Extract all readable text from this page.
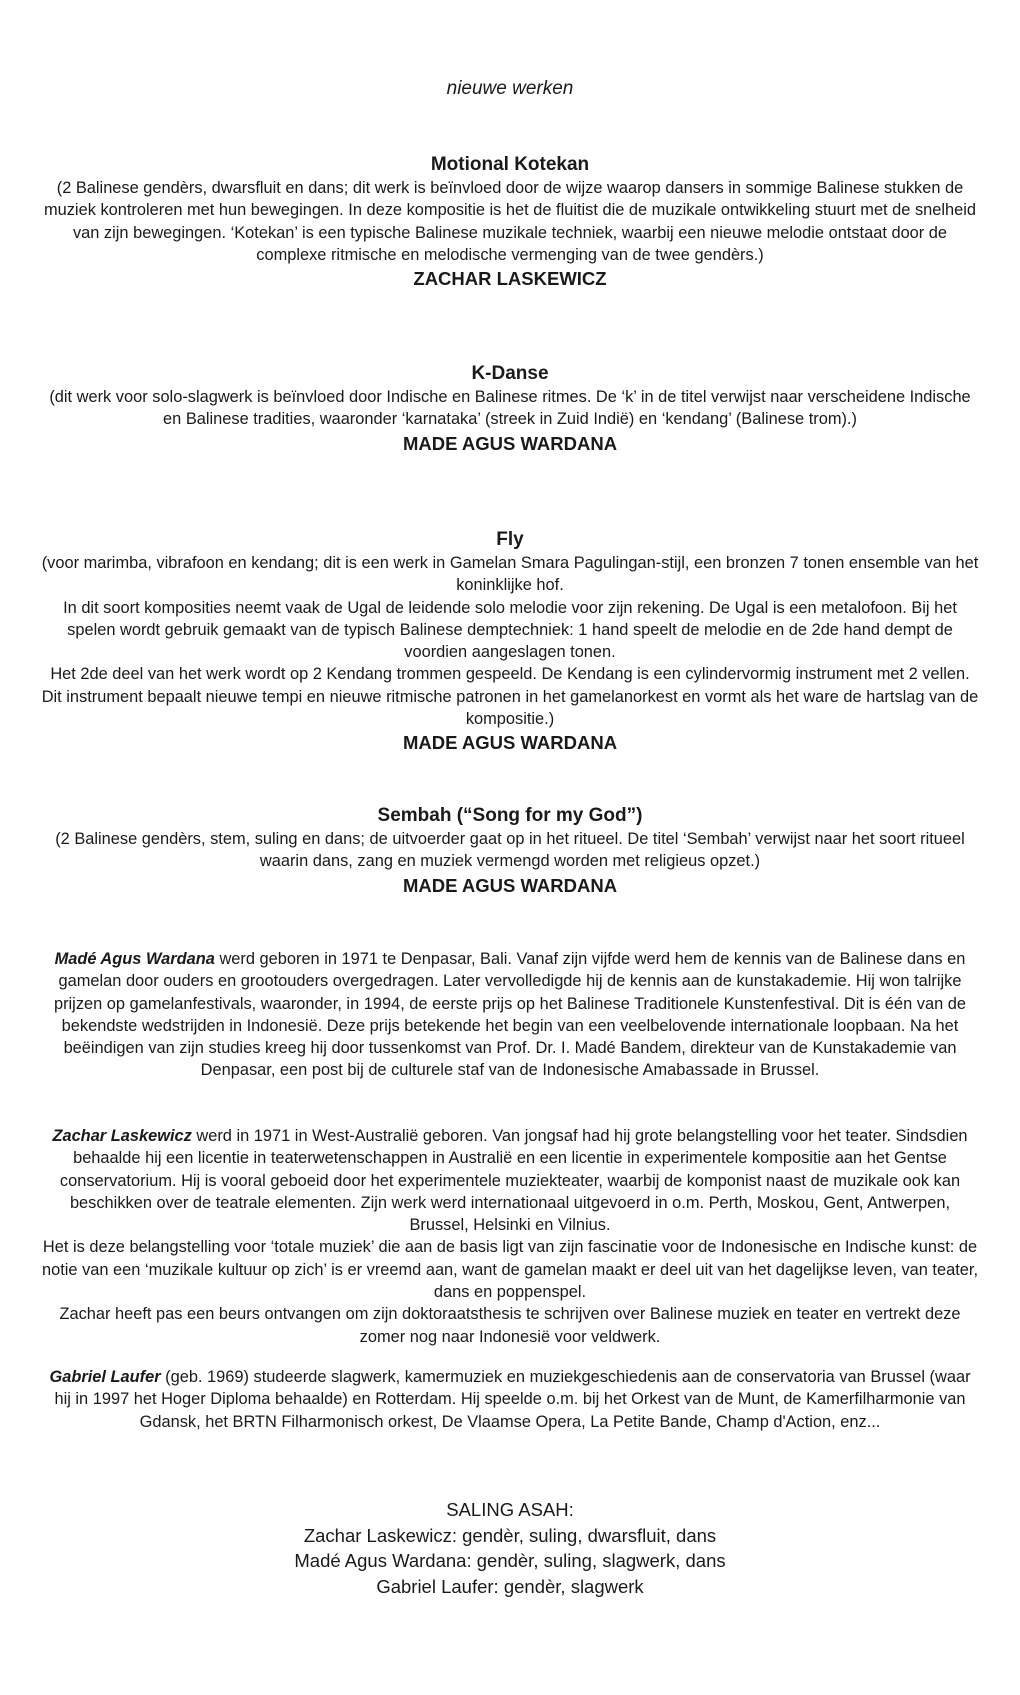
nieuwe werken
Motional Kotekan

(2 Balinese gendèrs, dwarsfluit en dans; dit werk is beïnvloed door de wijze waarop dansers in sommige Balinese stukken de muziek kontroleren met hun bewegingen. In deze kompositie is het de fluitist die de muzikale ontwikkeling stuurt met de snelheid van zijn bewegingen. ‘Kotekan’ is een typische Balinese muzikale techniek, waarbij een nieuwe melodie ontstaat door de complexe ritmische en melodische vermenging van de twee gendèrs.)

ZACHAR LASKEWICZ
K-Danse

(dit werk voor solo-slagwerk is beïnvloed door Indische en Balinese ritmes. De ‘k’ in de titel verwijst naar verscheidene Indische en Balinese tradities, waaronder ‘karnataka’ (streek in Zuid Indië) en ‘kendang’ (Balinese trom).)

MADE AGUS WARDANA
Fly

(voor marimba, vibrafoon en kendang; dit is een werk in Gamelan Smara Pagulingan-stijl, een bronzen 7 tonen ensemble van het koninklijke hof.

In dit soort komposities neemt vaak de Ugal de leidende solo melodie voor zijn rekening. De Ugal is een metalofoon. Bij het spelen wordt gebruik gemaakt van de typisch Balinese demptechniek: 1 hand speelt de melodie en de 2de hand dempt de voordien aangeslagen tonen.

Het 2de deel van het werk wordt op 2 Kendang trommen gespeeld. De Kendang is een cylindervormig instrument met 2 vellen. Dit instrument bepaalt nieuwe tempi en nieuwe ritmische patronen in het gamelanorkest en vormt als het ware de hartslag van de kompositie.)

MADE AGUS WARDANA
Sembah (“Song for my God”)

(2 Balinese gendèrs, stem, suling en dans; de uitvoerder gaat op in het ritueel. De titel ‘Sembah’ verwijst naar het soort ritueel waarin dans, zang en muziek vermengd worden met religieus opzet.)

MADE AGUS WARDANA

Madé Agus Wardana werd geboren in 1971 te Denpasar, Bali. Vanaf zijn vijfde werd hem de kennis van de Balinese dans en gamelan door ouders en grootouders overgedragen. Later vervolledigde hij de kennis aan de kunstakademie. Hij won talrijke prijzen op gamelanfestivals, waaronder, in 1994, de eerste prijs op het Balinese Traditionele Kunstenfestival. Dit is één van de bekendste wedstrijden in Indonesië. Deze prijs betekende het begin van een veelbelovende internationale loopbaan. Na het beëindigen van zijn studies kreeg hij door tussenkomst van Prof. Dr. I. Madé Bandem, direkteur van de Kunstakademie van Denpasar, een post bij de culturele staf van de Indonesische Amabassade in Brussel.

Zachar Laskewicz werd in 1971 in West-Australië geboren. Van jongsaf had hij grote belangstelling voor het teater. Sindsdien behaalde hij een licentie in teaterwetenschappen in Australië en een licentie in experimentele kompositie aan het Gentse conservatorium. Hij is vooral geboeid door het experimentele muziekteater, waarbij de komponist naast de muzikale ook kan beschikken over de teatrale elementen. Zijn werk werd internationaal uitgevoerd in o.m. Perth, Moskou, Gent, Antwerpen, Brussel, Helsinki en Vilnius.

Het is deze belangstelling voor ‘totale muziek’ die aan de basis ligt van zijn fascinatie voor de Indonesische en Indische kunst: de notie van een ‘muzikale kultuur op zich’ is er vreemd aan, want de gamelan maakt er deel uit van het dagelijkse leven, van teater, dans en poppenspel.

Zachar heeft pas een beurs ontvangen om zijn doktoraatsthesis te schrijven over Balinese muziek en teater en vertrekt deze zomer nog naar Indonesië voor veldwerk.

Gabriel Laufer (geb. 1969) studeerde slagwerk, kamermuziek en muziekgeschiedenis aan de conservatoria van Brussel (waar hij in 1997 het Hoger Diploma behaalde) en Rotterdam. Hij speelde o.m. bij het Orkest van de Munt, de Kamerfilharmonie van Gdansk, het BRTN Filharmonisch orkest, De Vlaamse Opera, La Petite Bande, Champ d'Action, enz...

SALING ASAH:
Zachar Laskewicz: gendèr, suling, dwarsfluit, dans
Madé Agus Wardana: gendèr, suling, slagwerk, dans
Gabriel Laufer: gendèr, slagwerk
